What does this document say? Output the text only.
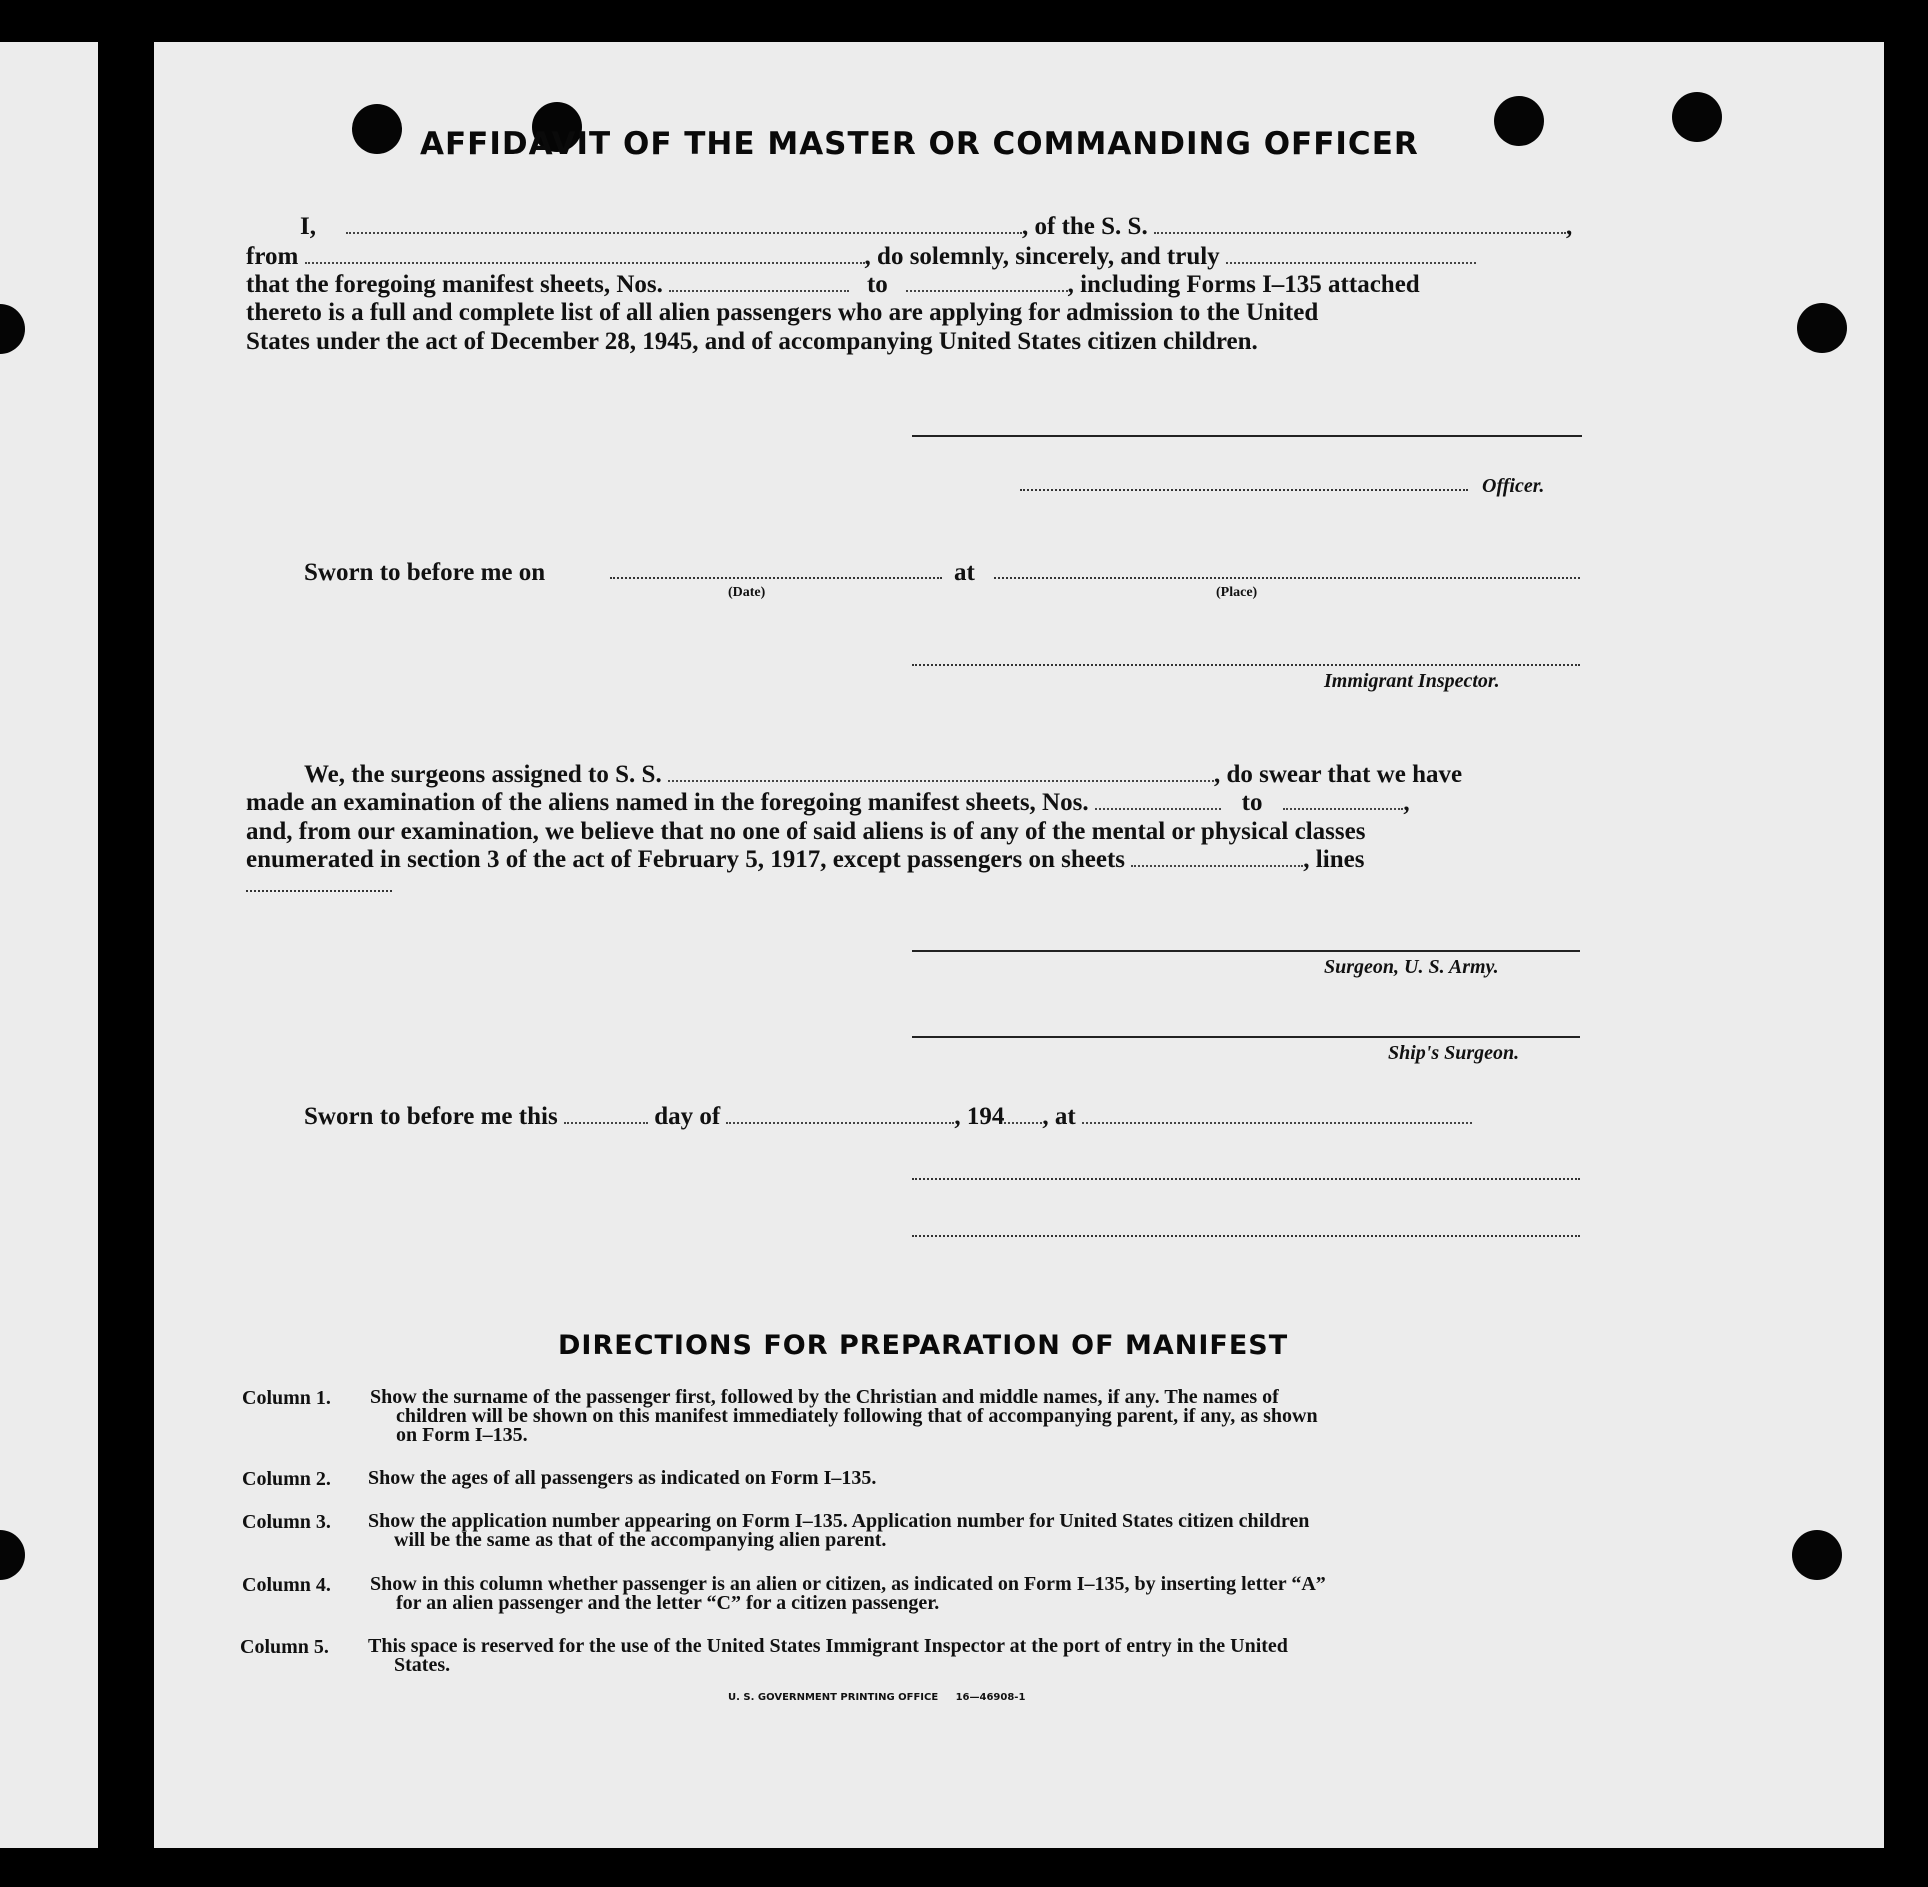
AFFIDAVIT OF THE MASTER OR COMMANDING OFFICER
I,	, of the S. S.	,
from	, do solemnly, sincerely, and truly
that the foregoing manifest sheets, Nos.	to	, including Forms I–135 attached
thereto is a full and complete list of all alien passengers who are applying for admission to the United
States under the act of December 28, 1945, and of accompanying United States citizen children.
Officer.
Sworn to before me on	at
(Date)	(Place)
Immigrant Inspector.
We, the surgeons assigned to S. S.	, do swear that we have
made an examination of the aliens named in the foregoing manifest sheets, Nos.	to	,
and, from our examination, we believe that no one of said aliens is of any of the mental or physical classes
enumerated in section 3 of the act of February 5, 1917, except passengers on sheets	, lines
Surgeon, U. S. Army.
Ship's Surgeon.
Sworn to before me this	day of	, 194 , at
DIRECTIONS FOR PREPARATION OF MANIFEST
Column 1. Show the surname of the passenger first, followed by the Christian and middle names, if any. The names of
children will be shown on this manifest immediately following that of accompanying parent, if any, as shown
on Form I–135.
Column 2. Show the ages of all passengers as indicated on Form I–135.
Column 3. Show the application number appearing on Form I–135. Application number for United States citizen children
will be the same as that of the accompanying alien parent.
Column 4. Show in this column whether passenger is an alien or citizen, as indicated on Form I–135, by inserting letter “A”
for an alien passenger and the letter “C” for a citizen passenger.
Column 5. This space is reserved for the use of the United States Immigrant Inspector at the port of entry in the United
States.
U. S. GOVERNMENT PRINTING OFFICE     16—46908-1
